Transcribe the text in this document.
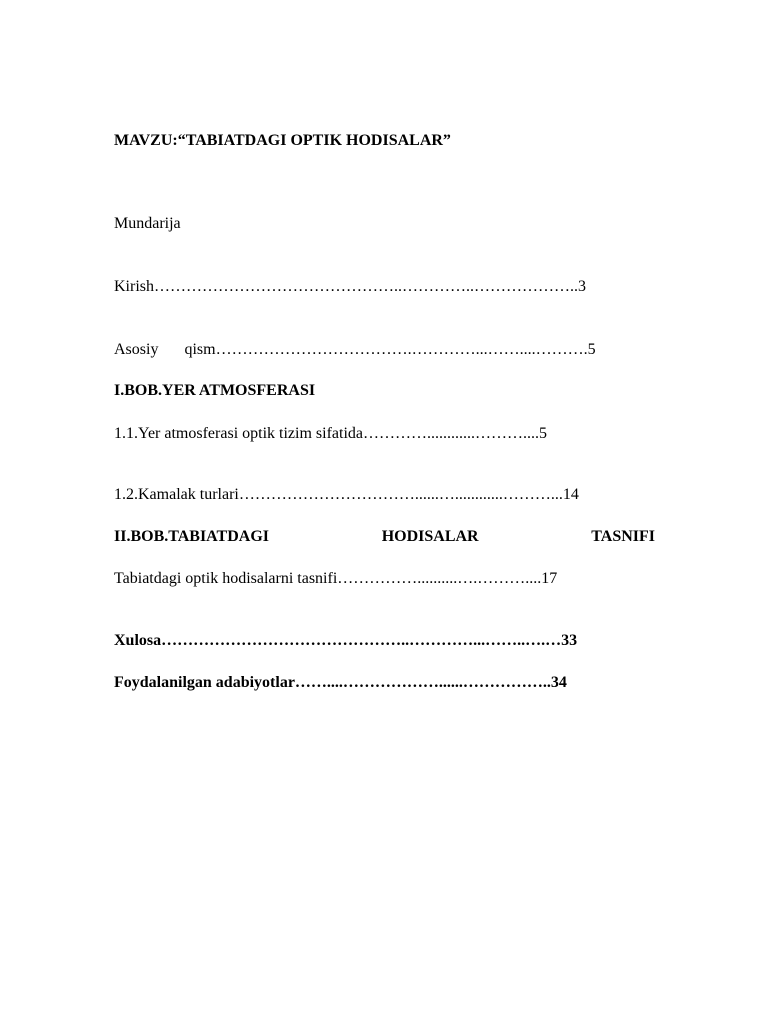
MAVZU:“TABIATDAGI OPTIK HODISALAR”
Mundarija
Kirish………………………………………..…………..………………..3
Asosiy qism……………………………….…………...……....……….5
I.BOB.YER ATMOSFERASI
1.1.Yer atmosferasi optik tizim sifatida…………............………....5
1.2.Kamalak turlari……………………………......…............………...14
II.BOB.TABIATDAGI	HODISALAR	TASNIFI
Tabiatdagi optik hodisalarni tasnifi……………..........….………....17
Xulosa………………………………………..…………...……..….…33
Foydalanilgan adabiyotlar……....………………......……………..34
